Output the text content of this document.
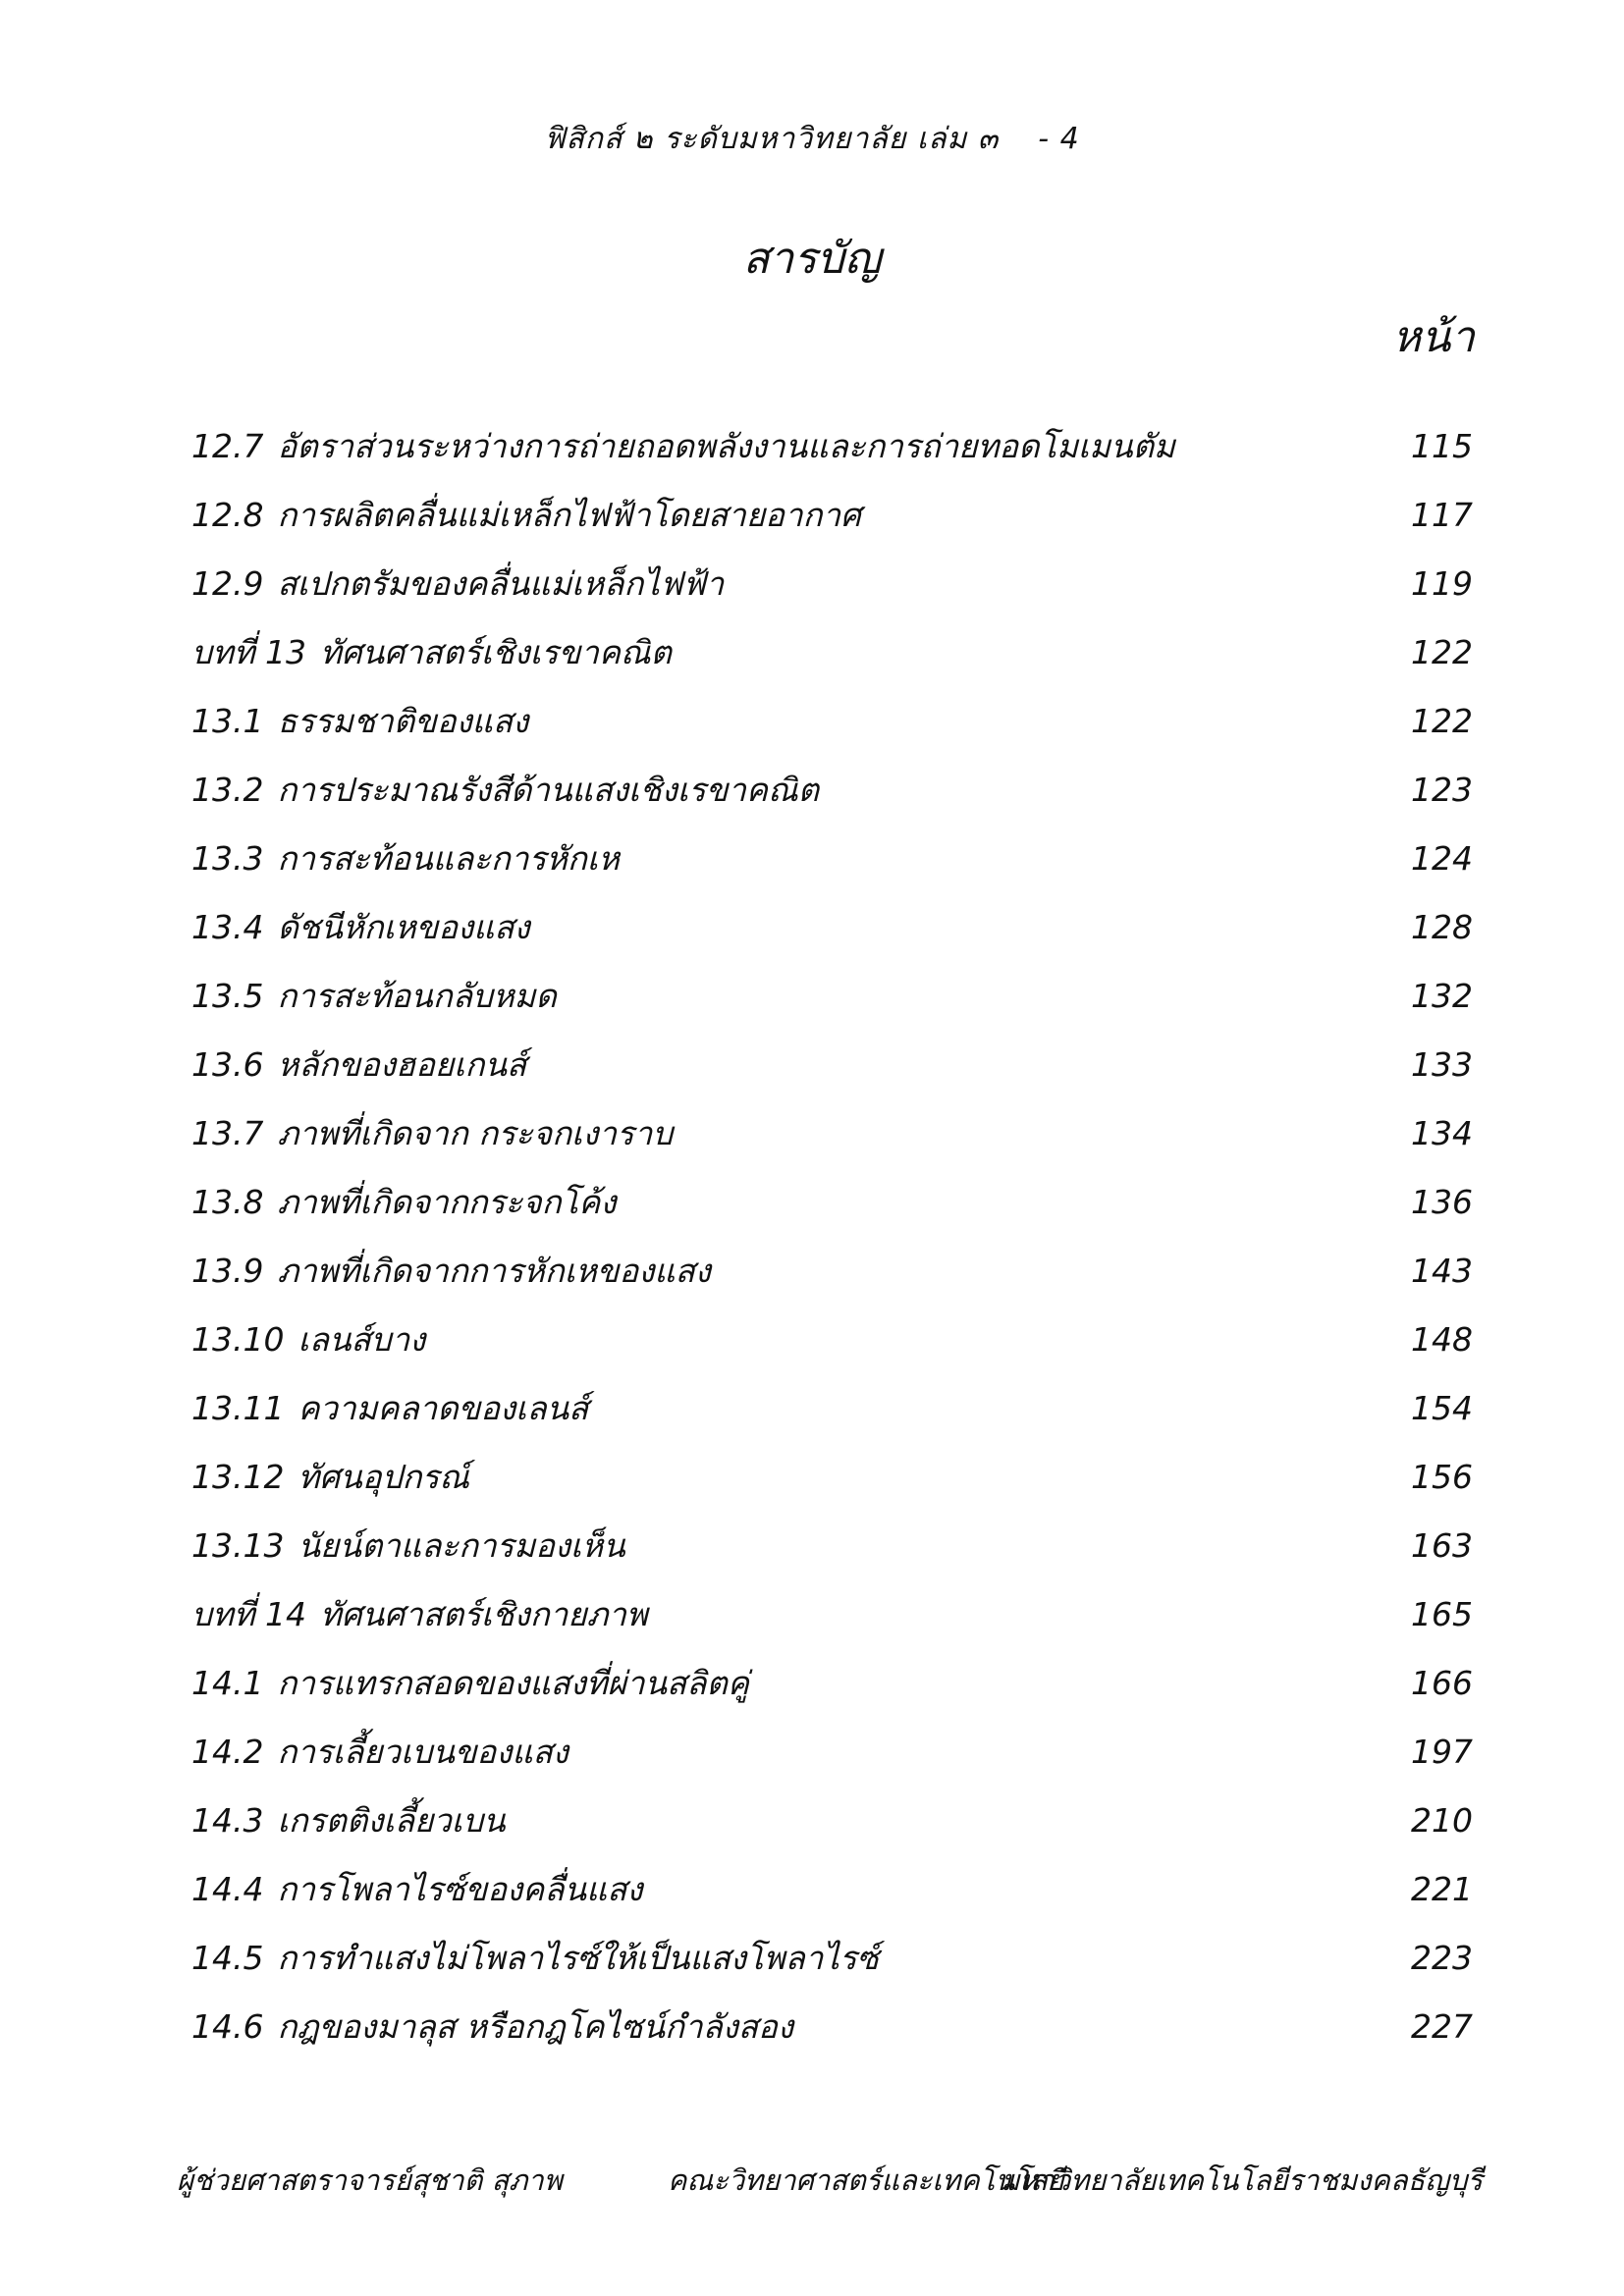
ฟิสิกส์ ๒ ระดับมหาวิทยาลัย เล่ม ๓ - 4
สารบัญ
หน้า
12.7 อัตราส่วนระหว่างการถ่ายถอดพลังงานและการถ่ายทอดโมเมนตัม	115
12.8 การผลิตคลื่นแม่เหล็กไฟฟ้าโดยสายอากาศ	117
12.9 สเปกตรัมของคลื่นแม่เหล็กไฟฟ้า	119
บทที่ 13 ทัศนศาสตร์เชิงเรขาคณิต	122
13.1 ธรรมชาติของแสง	122
13.2 การประมาณรังสีด้านแสงเชิงเรขาคณิต	123
13.3 การสะท้อนและการหักเห	124
13.4 ดัชนีหักเหของแสง	128
13.5 การสะท้อนกลับหมด	132
13.6 หลักของฮอยเกนส์	133
13.7 ภาพที่เกิดจาก กระจกเงาราบ	134
13.8 ภาพที่เกิดจากกระจกโค้ง	136
13.9 ภาพที่เกิดจากการหักเหของแสง	143
13.10 เลนส์บาง	148
13.11 ความคลาดของเลนส์	154
13.12 ทัศนอุปกรณ์	156
13.13 นัยน์ตาและการมองเห็น	163
บทที่ 14 ทัศนศาสตร์เชิงกายภาพ	165
14.1 การแทรกสอดของแสงที่ผ่านสลิตคู่	166
14.2 การเลี้ยวเบนของแสง	197
14.3 เกรตติงเลี้ยวเบน	210
14.4 การโพลาไรซ์ของคลื่นแสง	221
14.5 การทำแสงไม่โพลาไรซ์ให้เป็นแสงโพลาไรซ์	223
14.6 กฎของมาลุส หรือกฎโคไซน์กำลังสอง	227
ผู้ช่วยศาสตราจารย์สุชาติ สุภาพ	คณะวิทยาศาสตร์และเทคโนโลยี
มหาวิทยาลัยเทคโนโลยีราชมงคลธัญบุรี
